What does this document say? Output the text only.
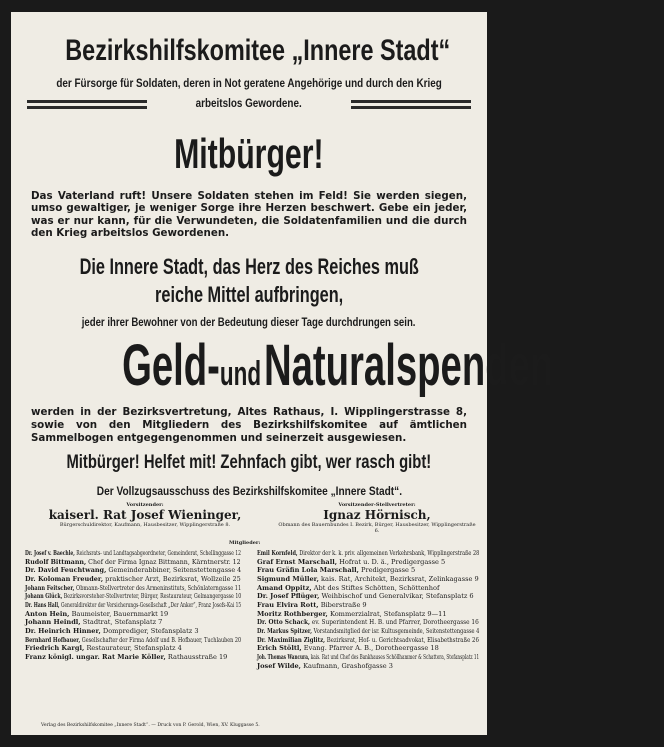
Bezirkshilfskomitee „Innere Stadt“
der Fürsorge für Soldaten, deren in Not geratene Angehörige und durch den Krieg
arbeitslos Gewordene.
Mitbürger!
Das Vaterland ruft! Unsere Soldaten stehen im Feld! Sie werden siegen, umso gewaltiger, je weniger Sorge ihre Herzen beschwert. Gebe ein jeder, was er nur kann, für die Verwundeten, die Soldatenfamilien und die durch den Krieg arbeitslos Gewordenen.
Die Innere Stadt, das Herz des Reiches muß
reiche Mittel aufbringen,
jeder ihrer Bewohner von der Bedeutung dieser Tage durchdrungen sein.
Geld-und Naturalspenden
werden in der Bezirksvertretung, Altes Rathaus, I. Wipplingerstrasse 8, sowie von den Mitgliedern des Bezirkshilfskomitee auf ämtlichen Sammelbogen entgegengenommen und seinerzeit ausgewiesen.
Mitbürger! Helfet mit! Zehnfach gibt, wer rasch gibt!
Der Vollzugsausschuss des Bezirkshilfskomitee „Innere Stadt“.
Vorsitzender:
kaiserl. Rat Josef Wieninger,
Bürgerschuldirektor, Kaufmann, Hausbesitzer, Wipplingerstraße 8.
Vorsitzender-Stellvertreter:
Ignaz Hörnisch,
Obmann des Bauernbundes I. Bezirk, Bürger, Hausbesitzer, Wipplingerstraße 6.
Mitglieder:
Dr. Josef v. Baechle, Reichsrats- und Landtagsabgeordneter, Gemeinderat, Schellinggasse 12
Rudolf Bittmann, Chef der Firma Ignaz Bittmann, Kärntnerstr. 12
Dr. David Feuchtwang, Gemeinderabbiner, Seitenstettengasse 4
Dr. Koloman Freuder, praktischer Arzt, Bezirksrat, Wollzeile 25
Johann Feitscher, Obmann-Stellvertreter des Armeninstituts, Schönlaterngasse 11
Johann Glück, Bezirksvorsteher-Stellvertreter, Bürger, Restaurateur, Gelmangergasse 10
Dr. Hans Hall, Generaldirektor der Versicherungs-Gesellschaft „Der Anker“, Franz Josefs-Kai 15
Anton Hein, Baumeister, Bauernmarkt 19
Johann Heindl, Stadtrat, Stefansplatz 7
Dr. Heinrich Hinner, Domprediger, Stefansplatz 3
Bernhard Hofbauer, Gesellschafter der Firma Adolf und B. Hofbauer, Tuchlauben 20
Friedrich Kargl, Restaurateur, Stefansplatz 4
Franz königl. ungar. Rat Marie Köller, Rathausstraße 19
Emil Kornfeld, Direktor der k. k. priv. allgemeinen Verkehrsbank, Wipplingerstraße 28
Graf Ernst Marschall, Hofrat u. D. ä., Predigergasse 5
Frau Gräfin Lola Marschall, Predigergasse 5
Sigmund Müller, kais. Rat, Architekt, Bezirksrat, Zelinkagasse 9
Amand Oppitz, Abt des Stiftes Schötten, Schöttenhof
Dr. Josef Pflüger, Weihbischof und Generalvikar, Stefansplatz 6
Frau Elvira Rott, Biberstraße 9
Moritz Rothberger, Kommerzialrat, Stefansplatz 9—11
Dr. Otto Schack, ev. Superintendent H. B. und Pfarrer, Dorotheergasse 16
Dr. Markus Spitzer, Vorstandsmitglied der isr. Kultusgemeinde, Seitenstettengasse 4
Dr. Maximilian Ziglitz, Bezirksrat, Hof- u. Gerichtsadvokat, Elisabethstraße 26
Erich Stöltl, Evang. Pfarrer A. B., Dorotheergasse 18
Joh. Thomas Wancura, kais. Rat und Chef des Bankhauses Schöllhammer & Schattera, Stefansplatz 11
Josef Wilde, Kaufmann, Grashofgasse 3
Verlag des Bezirkshilfskomitee „Innere Stadt“. — Druck von P. Gerold, Wien, XV. Kluggasse 5.
